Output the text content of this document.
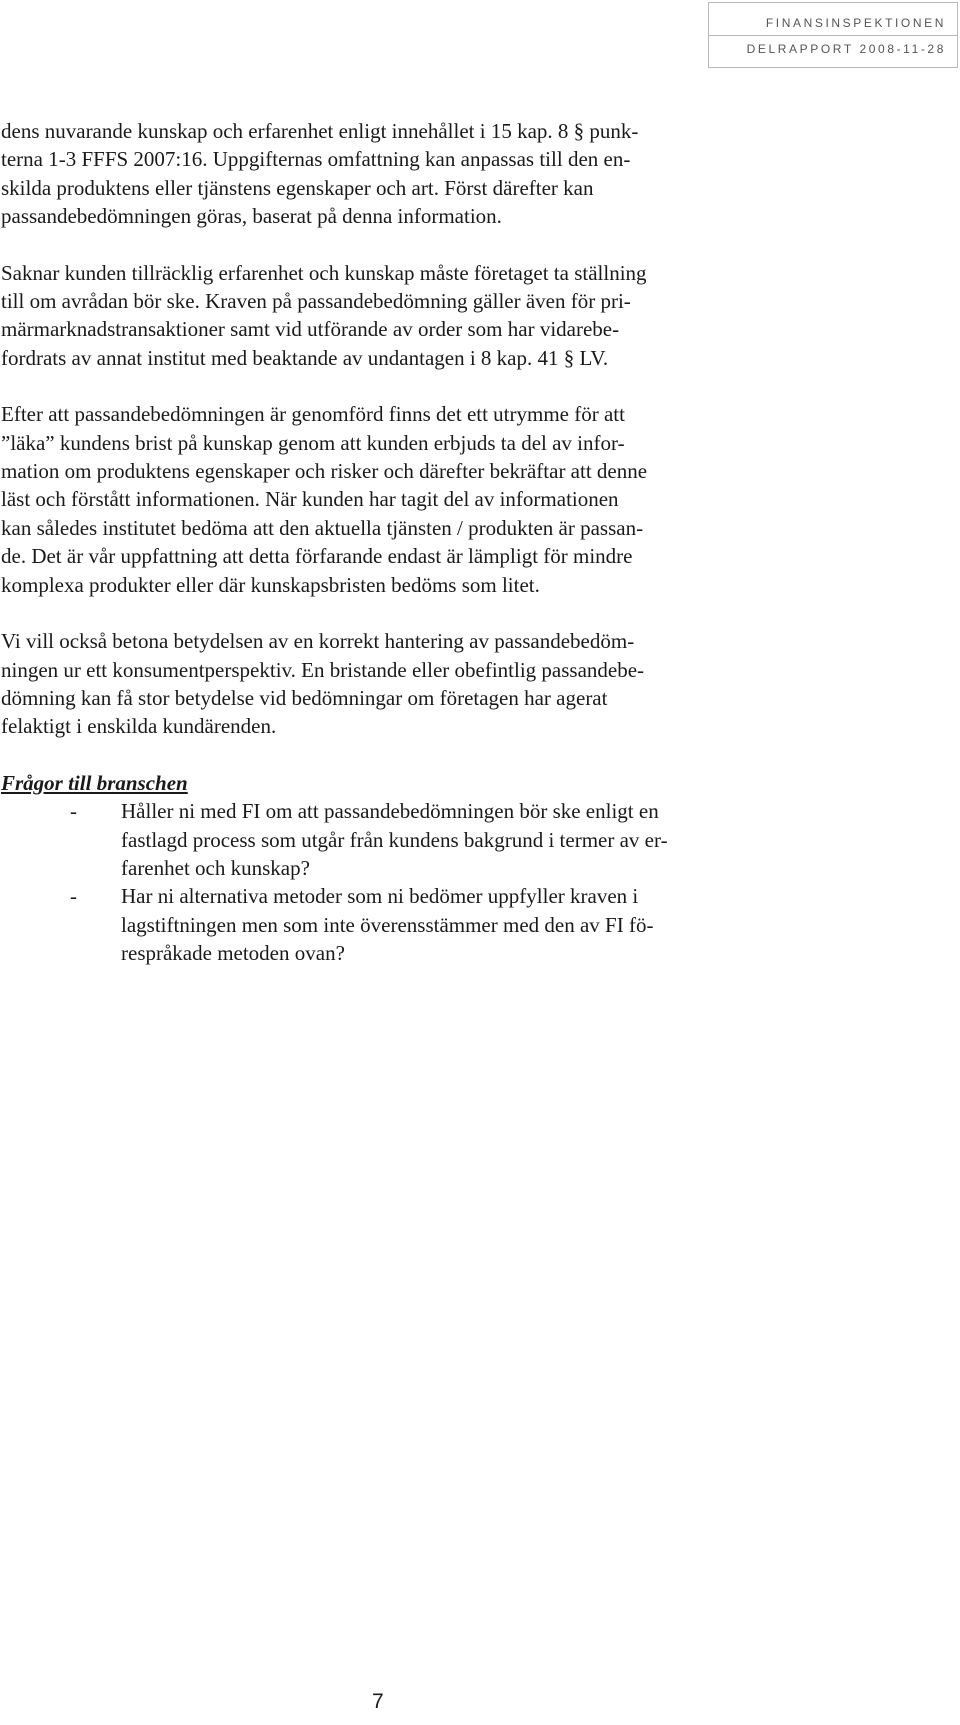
FINANSINSPEKTIONEN
DELRAPPORT 2008-11-28
dens nuvarande kunskap och erfarenhet enligt innehållet i 15 kap. 8 § punk-
terna 1-3 FFFS 2007:16. Uppgifternas omfattning kan anpassas till den en-
skilda produktens eller tjänstens egenskaper och art. Först därefter kan
passandebedömningen göras, baserat på denna information.
Saknar kunden tillräcklig erfarenhet och kunskap måste företaget ta ställning
till om avrådan bör ske. Kraven på passandebedömning gäller även för pri-
märmarknadstransaktioner samt vid utförande av order som har vidarebe-
fordrats av annat institut med beaktande av undantagen i 8 kap. 41 § LV.
Efter att passandebedömningen är genomförd finns det ett utrymme för att
”läka” kundens brist på kunskap genom att kunden erbjuds ta del av infor-
mation om produktens egenskaper och risker och därefter bekräftar att denne
läst och förstått informationen. När kunden har tagit del av informationen
kan således institutet bedöma att den aktuella tjänsten / produkten är passan-
de. Det är vår uppfattning att detta förfarande endast är lämpligt för mindre
komplexa produkter eller där kunskapsbristen bedöms som litet.
Vi vill också betona betydelsen av en korrekt hantering av passandebedöm-
ningen ur ett konsumentperspektiv. En bristande eller obefintlig passandebe-
dömning kan få stor betydelse vid bedömningar om företagen har agerat
felaktigt i enskilda kundärenden.
Frågor till branschen
- Håller ni med FI om att passandebedömningen bör ske enligt en
fastlagd process som utgår från kundens bakgrund i termer av er-
farenhet och kunskap?
- Har ni alternativa metoder som ni bedömer uppfyller kraven i
lagstiftningen men som inte överensstämmer med den av FI fö-
respråkade metoden ovan?
7
